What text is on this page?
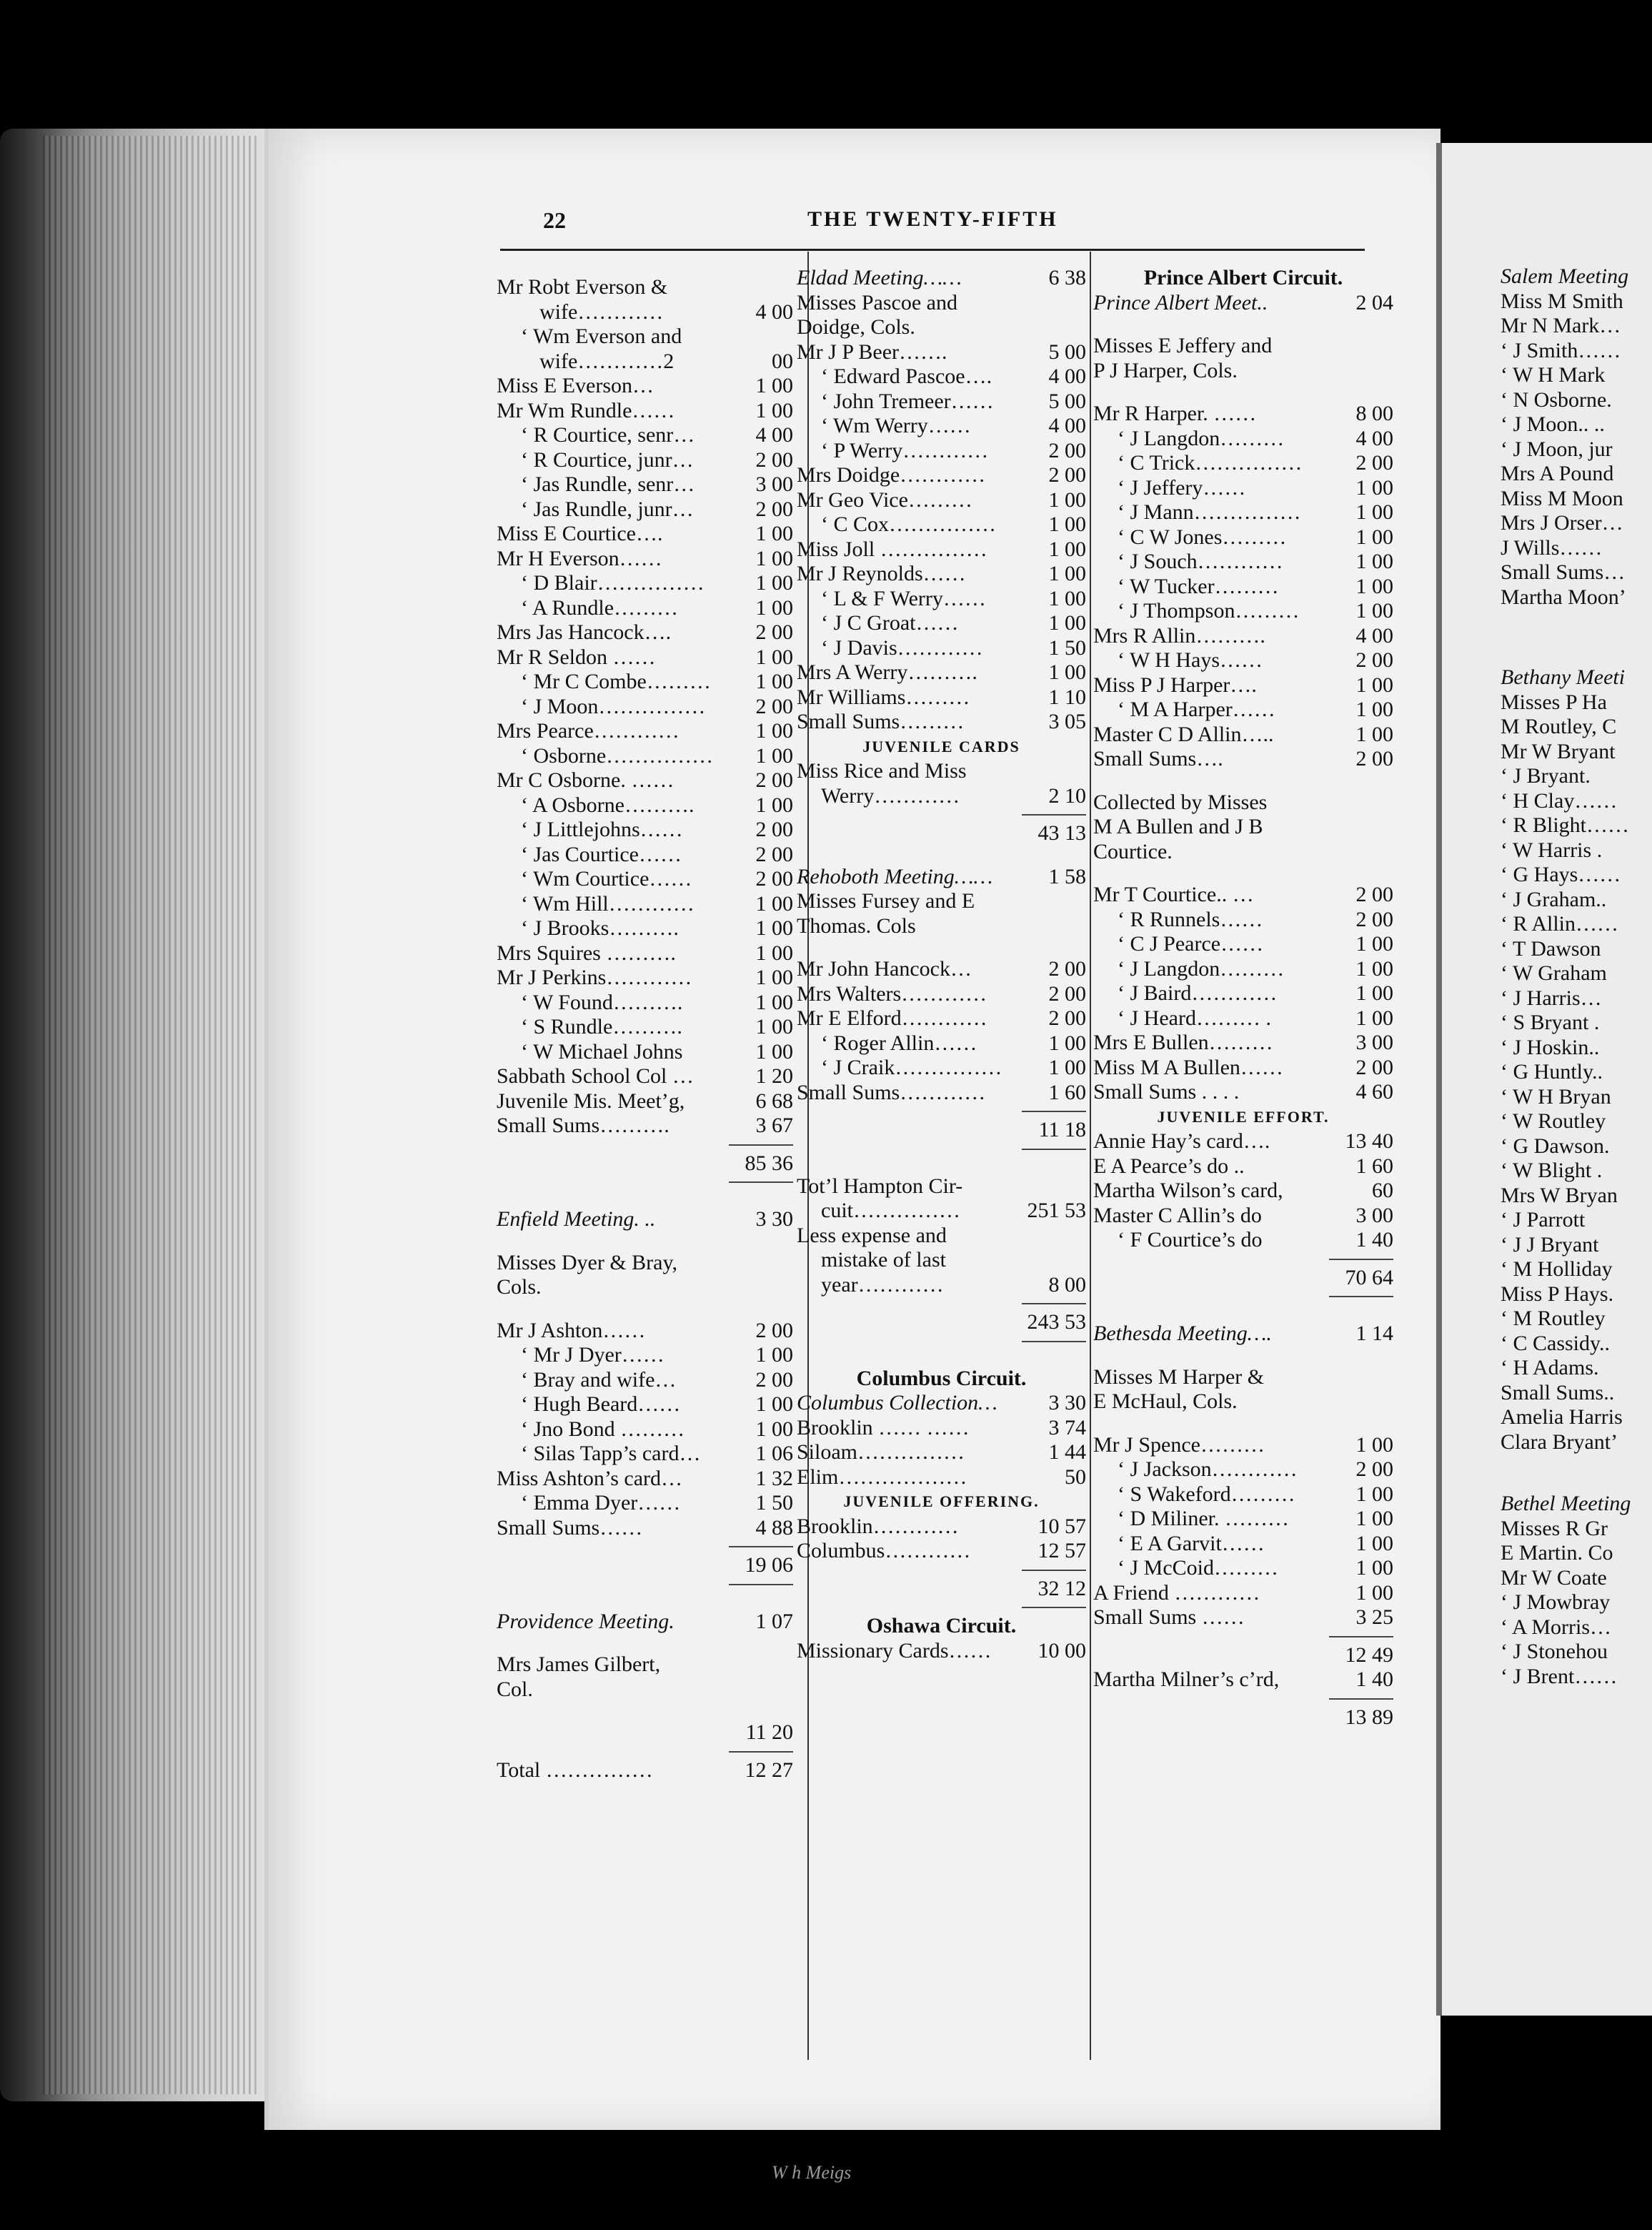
22	THE TWENTY-FIFTH
Mr Robt Everson &
wife…………	4 00
‘ Wm Everson and
wife…………2	00
Miss E Everson…	1 00
Mr Wm Rundle……	1 00
‘ R Courtice, senr…	4 00
‘ R Courtice, junr…	2 00
‘ Jas Rundle, senr…	3 00
‘ Jas Rundle, junr…	2 00
Miss E Courtice….	1 00
Mr H Everson……	1 00
‘ D Blair…………… 1 00
‘ A Rundle………	1 00
Mrs Jas Hancock….	2 00
Mr R Seldon ……	1 00
‘ Mr C Combe……… 1 00
‘ J Moon…………… 2 00
Mrs Pearce…………	1 00
‘ Osborne…………… 1 00
Mr C Osborne. ……	2 00
‘ A Osborne……….	1 00
‘ J Littlejohns……	2 00
‘ Jas Courtice……	2 00
‘ Wm Courtice……	2 00
‘ Wm Hill…………	1 00
‘ J Brooks……….	1 00
Mrs Squires ……….	1 00
Mr J Perkins…………	1 00
‘ W Found……….	1 00
‘ S Rundle……….	1 00
‘ W Michael Johns	1 00
Sabbath School Col …	1 20
Juvenile Mis. Meet’g,	6 68
Small Sums……….	3 67
85 36
Enfield Meeting. ..	3 30
Misses Dyer & Bray,
Cols.
Mr J Ashton……	2 00
‘ Mr J Dyer……	1 00
‘ Bray and wife…	2 00
‘ Hugh Beard……	1 00
‘ Jno Bond ………	1 00
‘ Silas Tapp’s card…	1 06
Miss Ashton’s card…	1 32
‘ Emma Dyer……	1 50
Small Sums……	4 88
19 06
Providence Meeting.	1 07
Mrs James Gilbert,
Col.
11 20
Total ……………	12 27
Eldad Meeting……	6 38
Misses Pascoe and
Doidge, Cols.
Mr J P Beer…….	5 00
‘ Edward Pascoe….	4 00
‘ John Tremeer……	5 00
‘ Wm Werry……	4 00
‘ P Werry…………	2 00
Mrs Doidge…………	2 00
Mr Geo Vice………	1 00
‘ C Cox…………… 1 00
Miss Joll ……………	1 00
Mr J Reynolds……	1 00
‘ L & F Werry……	1 00
‘ J C Groat……	1 00
‘ J Davis…………	1 50
Mrs A Werry……….	1 00
Mr Williams………	1 10
Small Sums………	3 05
JUVENILE CARDS
Miss Rice and Miss
Werry…………	2 10
43 13
Rehoboth Meeting……	1 58
Misses Fursey and E
Thomas. Cols
Mr John Hancock…	2 00
Mrs Walters…………	2 00
Mr E Elford…………	2 00
‘ Roger Allin……	1 00
‘ J Craik…………… 1 00
Small Sums…………	1 60
11 18
Tot’l Hampton Cir-
cuit……………	251 53
Less expense and
mistake of last
year…………	8 00
243 53
Columbus Circuit.
Columbus Collection… 3 30
Brooklin …… ……	3 74
Siloam……………	1 44
Elim………………	50
JUVENILE OFFERING.
Brooklin…………	10 57
Columbus…………	12 57
32 12
Oshawa Circuit.
Missionary Cards…… 10 00
Prince Albert Circuit.
Prince Albert Meet..	2 04
Misses E Jeffery and
P J Harper, Cols.
Mr R Harper. ……	8 00
‘ J Langdon………	4 00
‘ C Trick……………	2 00
‘ J Jeffery……	1 00
‘ J Mann……………	1 00
‘ C W Jones………	1 00
‘ J Souch…………	1 00
‘ W Tucker………	1 00
‘ J Thompson………	1 00
Mrs R Allin……….	4 00
‘ W H Hays……	2 00
Miss P J Harper….	1 00
‘ M A Harper……	1 00
Master C D Allin…..	1 00
Small Sums….	2 00
Collected by Misses
M A Bullen and J B
Courtice.
Mr T Courtice.. …	2 00
‘ R Runnels……	2 00
‘ C J Pearce……	1 00
‘ J Langdon………	1 00
‘ J Baird…………	1 00
‘ J Heard……… .	1 00
Mrs E Bullen………	3 00
Miss M A Bullen……	2 00
Small Sums . . . .	4 60
JUVENILE EFFORT.
Annie Hay’s card….	13 40
E A Pearce’s do ..	1 60
Martha Wilson’s card,	60
Master C Allin’s do	3 00
‘ F Courtice’s do	1 40
70 64
Bethesda Meeting….	1 14
Misses M Harper &
E McHaul, Cols.
Mr J Spence………	1 00
‘ J Jackson…………	2 00
‘ S Wakeford………	1 00
‘ D Miliner. ………	1 00
‘ E A Garvit……	1 00
‘ J McCoid………	1 00
A Friend …………	1 00
Small Sums ……	3 25
12 49
Martha Milner’s c’rd,	1 40
13 89
Salem Meeting
Miss M Smith
Mr N Mark…
‘ J Smith……
‘ W H Mark
‘ N Osborne.
‘ J Moon.. ..
‘ J Moon, jur
Mrs A Pound
Miss M Moon
Mrs J Orser…
J Wills……
Small Sums…
Martha Moon’
Bethany Meeti
Misses P Ha
M Routley, C
Mr W Bryant
‘ J Bryant.
‘ H Clay……
‘ R Blight……
‘ W Harris .
‘ G Hays……
‘ J Graham..
‘ R Allin……
‘ T Dawson
‘ W Graham
‘ J Harris…
‘ S Bryant .
‘ J Hoskin..
‘ G Huntly..
‘ W H Bryan
‘ W Routley
‘ G Dawson.
‘ W Blight .
Mrs W Bryan
‘ J Parrott
‘ J J Bryant
‘ M Holliday
Miss P Hays.
‘ M Routley
‘ C Cassidy..
‘ H Adams.
Small Sums..
Amelia Harris
Clara Bryant’
Bethel Meeting
Misses R Gr
E Martin. Co
Mr W Coate
‘ J Mowbray
‘ A Morris…
‘ J Stonehou
‘ J Brent……
W h Meigs
